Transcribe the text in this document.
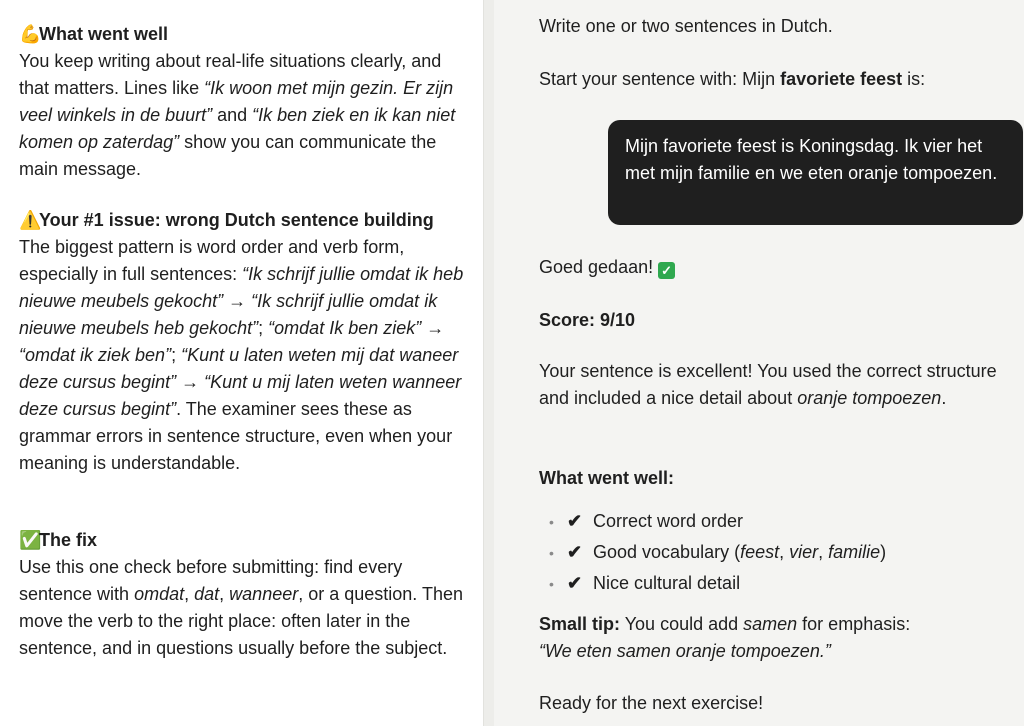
💪What went well
You keep writing about real-life situations clearly, and that matters. Lines like “Ik woon met mijn gezin. Er zijn veel winkels in de buurt” and “Ik ben ziek en ik kan niet komen op zaterdag” show you can communicate the main message.

⚠️Your #1 issue: wrong Dutch sentence building
The biggest pattern is word order and verb form, especially in full sentences: “Ik schrijf jullie omdat ik heb nieuwe meubels gekocht” → “Ik schrijf jullie omdat ik nieuwe meubels heb gekocht”; “omdat Ik ben ziek” → “omdat ik ziek ben”; “Kunt u laten weten mij dat waneer deze cursus begint” → “Kunt u mij laten weten wanneer deze cursus begint”. The examiner sees these as grammar errors in sentence structure, even when your meaning is understandable.

✅The fix
Use this one check before submitting: find every sentence with omdat, dat, wanneer, or a question. Then move the verb to the right place: often later in the sentence, and in questions usually before the subject.

Write one or two sentences in Dutch.

Start your sentence with: Mijn favoriete feest is:

Mijn favoriete feest is Koningsdag. Ik vier het met mijn familie en we eten oranje tompoezen.

Goed gedaan! ✓

Score: 9/10

Your sentence is excellent! You used the correct structure and included a nice detail about oranje tompoezen.

What went well:

• ✔ Correct word order
• ✔ Good vocabulary (feest, vier, familie)
• ✔ Nice cultural detail

Small tip: You could add samen for emphasis:
“We eten samen oranje tompoezen.”

Ready for the next exercise!
